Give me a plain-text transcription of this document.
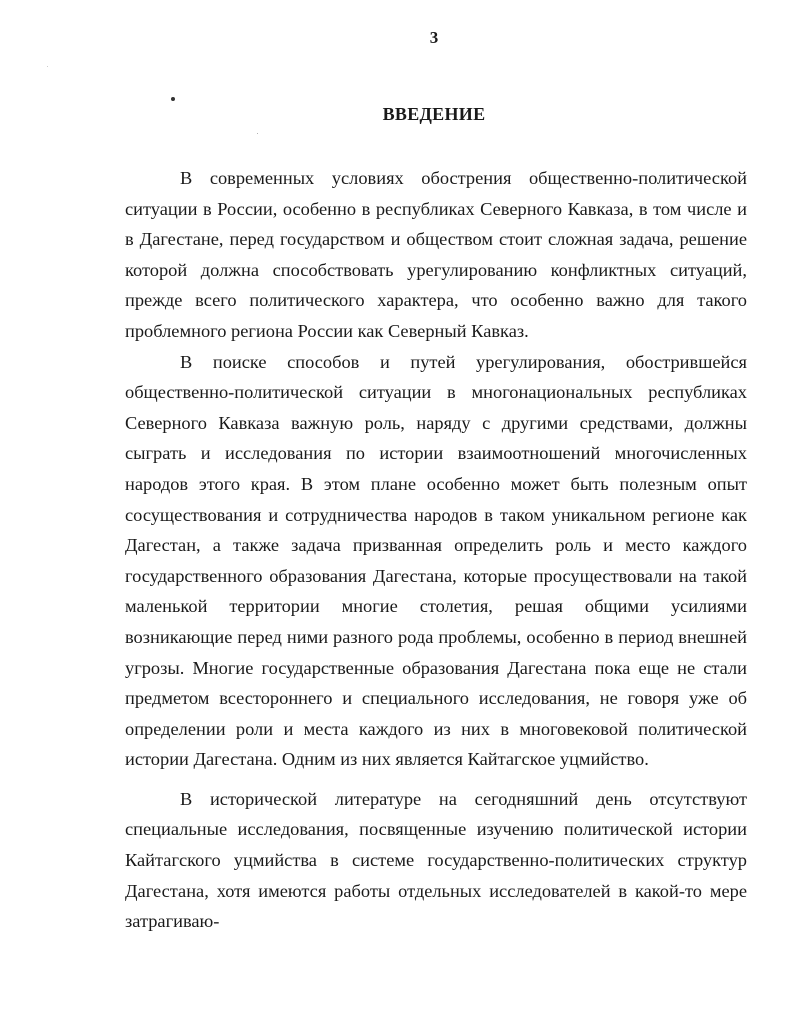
3
ВВЕДЕНИЕ

В современных условиях обострения общественно-политической ситуации в России, особенно в республиках Северного Кавказа, в том числе и в Дагестане, перед государством и обществом стоит сложная задача, решение которой должна способствовать урегулированию конфликтных ситуаций, прежде всего политического характера, что особенно важно для такого проблемного региона России как Северный Кавказ.

В поиске способов и путей урегулирования, обострившейся общественно-политической ситуации в многонациональных республиках Северного Кавказа важную роль, наряду с другими средствами, должны сыграть и исследования по истории взаимоотношений многочисленных народов этого края. В этом плане особенно может быть полезным опыт сосуществования и сотрудничества народов в таком уникальном регионе как Дагестан, а также задача призванная определить роль и место каждого государственного образования Дагестана, которые просуществовали на такой маленькой территории многие столетия, решая общими усилиями возникающие перед ними разного рода проблемы, особенно в период внешней угрозы. Многие государственные образования Дагестана пока еще не стали предметом всестороннего и специального исследования, не говоря уже об определении роли и места каждого из них в многовековой политической истории Дагестана. Одним из них является Кайтагское уцмийство.

В исторической литературе на сегодняшний день отсутствуют специальные исследования, посвященные изучению политической истории Кайтагского уцмийства в системе государственно-политических структур Дагестана, хотя имеются работы отдельных исследователей в какой-то мере затрагиваю-
